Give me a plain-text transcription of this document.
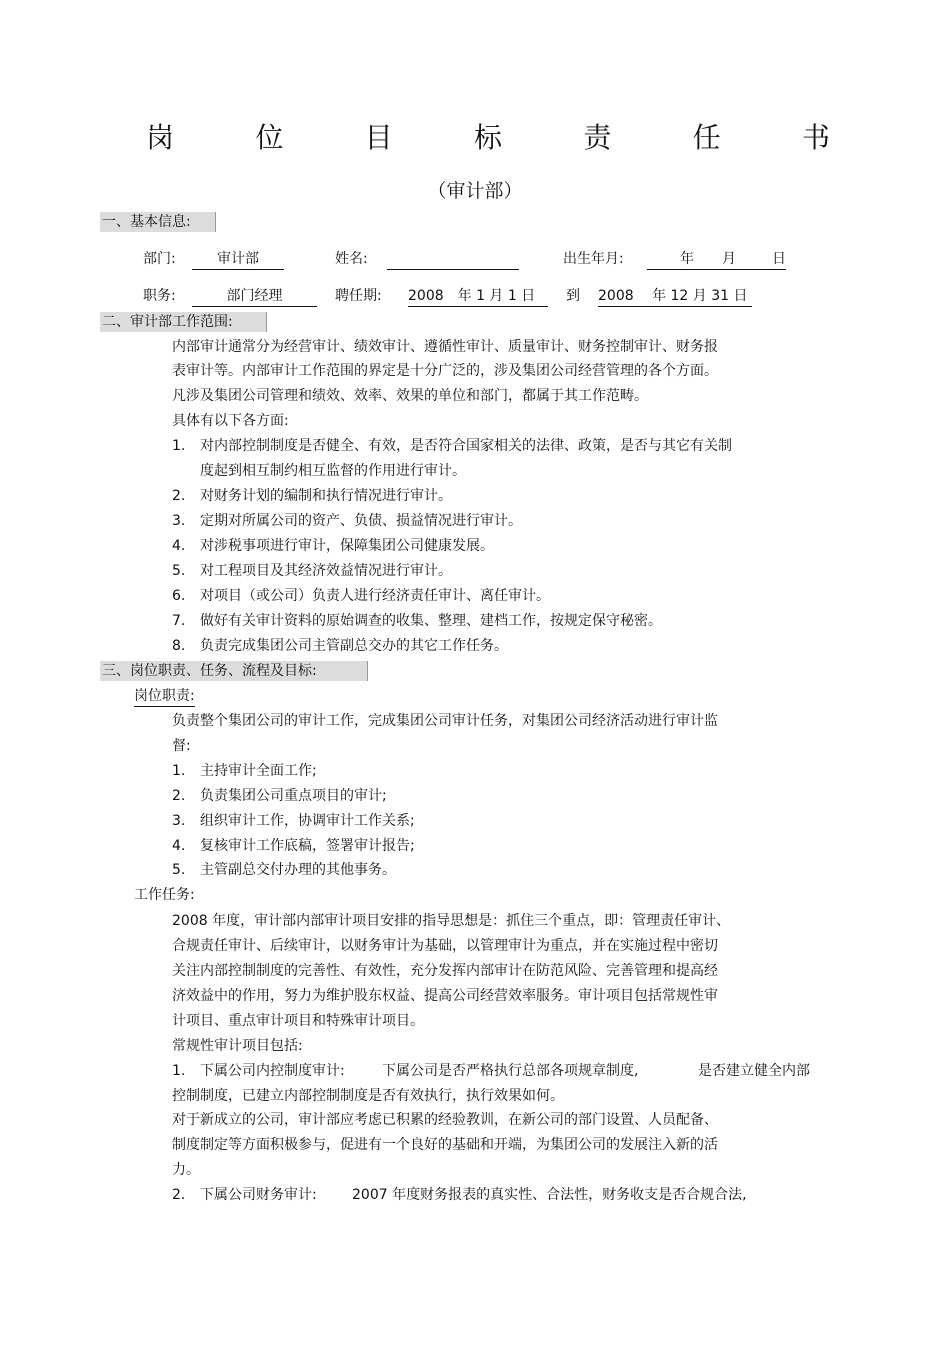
岗	位	目	标	责	任	书
（审计部）
一、基本信息:
部门:	审计部	姓名:	出生年月:	年 月	日
职务:	部门经理	聘任期: 2008　年 1 月 1 日	到 2008　 年 12 月 31 日
二、审计部工作范围:
内部审计通常分为经营审计、绩效审计、遵循性审计、质量审计、财务控制审计、财务报
表审计等。内部审计工作范围的界定是十分广泛的，涉及集团公司经营管理的各个方面。
凡涉及集团公司管理和绩效、效率、效果的单位和部门，都属于其工作范畴。
具体有以下各方面:
1. 对内部控制制度是否健全、有效，是否符合国家相关的法律、政策，是否与其它有关制
度起到相互制约相互监督的作用进行审计。
2. 对财务计划的编制和执行情况进行审计。
3. 定期对所属公司的资产、负债、损益情况进行审计。
4. 对涉税事项进行审计，保障集团公司健康发展。
5. 对工程项目及其经济效益情况进行审计。
6. 对项目（或公司）负责人进行经济责任审计、离任审计。
7. 做好有关审计资料的原始调查的收集、整理、建档工作，按规定保守秘密。
8. 负责完成集团公司主管副总交办的其它工作任务。
三、岗位职责、任务、流程及目标:
岗位职责:
负责整个集团公司的审计工作，完成集团公司审计任务，对集团公司经济活动进行审计监
督:
1. 主持审计全面工作;
2. 负责集团公司重点项目的审计;
3. 组织审计工作，协调审计工作关系;
4. 复核审计工作底稿，签署审计报告;
5. 主管副总交付办理的其他事务。
工作任务:
2008 年度，审计部内部审计项目安排的指导思想是：抓住三个重点，即：管理责任审计、
合规责任审计、后续审计，以财务审计为基础，以管理审计为重点，并在实施过程中密切
关注内部控制制度的完善性、有效性，充分发挥内部审计在防范风险、完善管理和提高经
济效益中的作用，努力为维护股东权益、提高公司经营效率服务。审计项目包括常规性审
计项目、重点审计项目和特殊审计项目。
常规性审计项目包括:
1. 下属公司内控制度审计:	下属公司是否严格执行总部各项规章制度,	是否建立健全内部
控制制度，已建立内部控制制度是否有效执行，执行效果如何。
对于新成立的公司，审计部应考虑已积累的经验教训，在新公司的部门设置、人员配备、
制度制定等方面积极参与，促进有一个良好的基础和开端，为集团公司的发展注入新的活
力。
2. 下属公司财务审计:	2007 年度财务报表的真实性、合法性，财务收支是否合规合法,
